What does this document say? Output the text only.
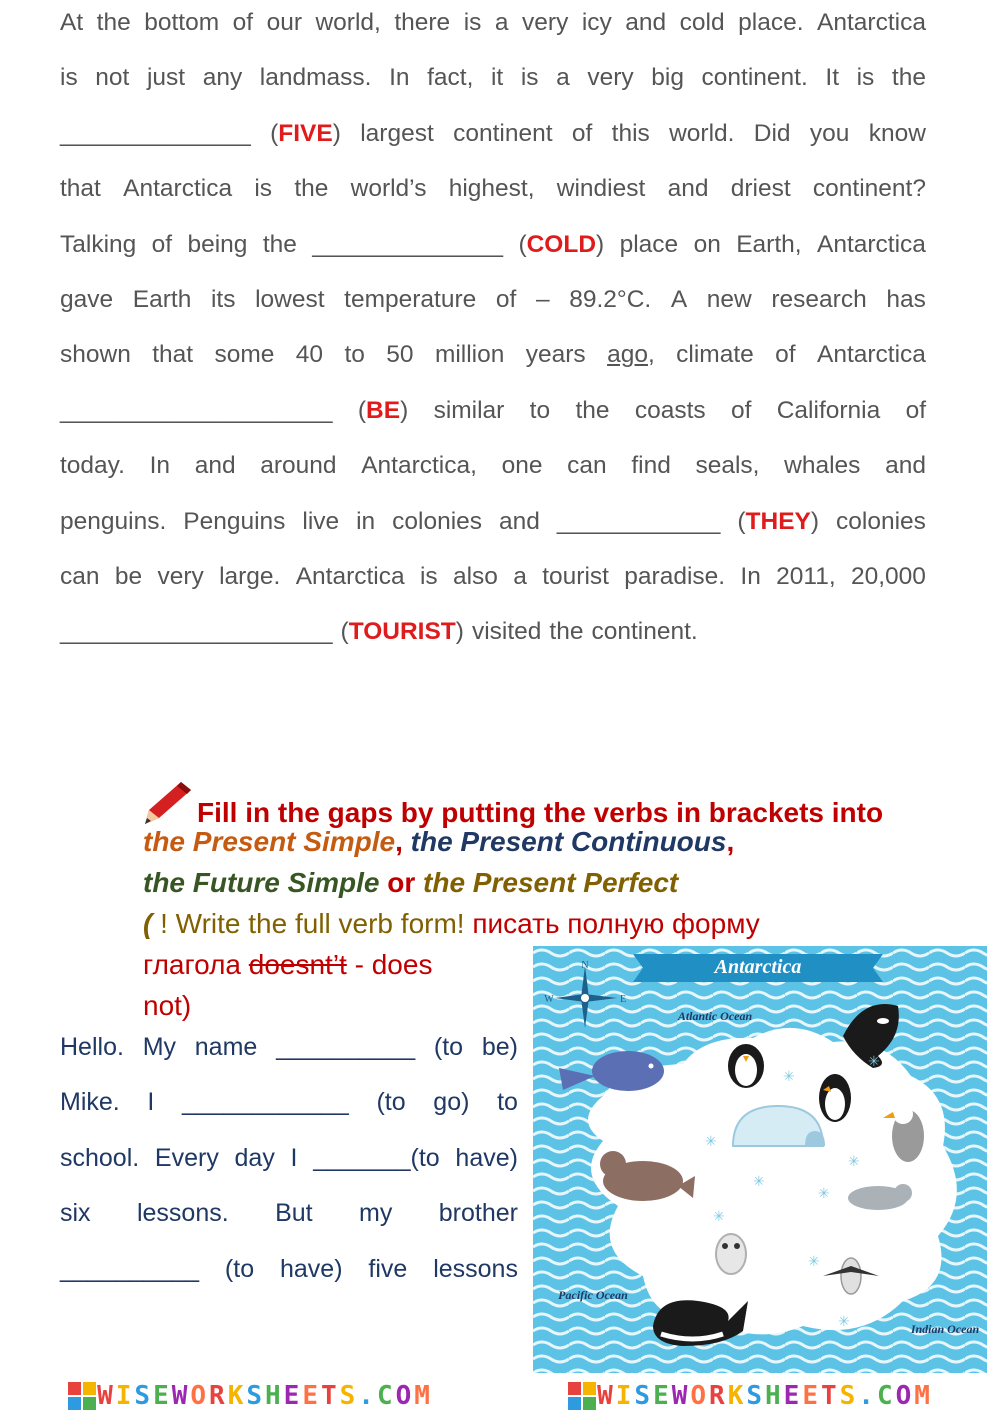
At the bottom of our world, there is a very icy and cold place. Antarctica
is not just any landmass. In fact, it is a very big continent. It is the
______________ (FIVE) largest continent of this world. Did you know
that Antarctica is the world’s highest, windiest and driest continent?
Talking of being the ______________ (COLD) place on Earth, Antarctica
gave Earth its lowest temperature of – 89.2°C. A new research has
shown that some 40 to 50 million years ago, climate of Antarctica
____________________ (BE) similar to the coasts of California of
today. In and around Antarctica, one can find seals, whales and
penguins. Penguins live in colonies and ____________ (THEY) colonies
can be very large. Antarctica is also a tourist paradise. In 2011, 20,000
____________________ (TOURIST) visited the continent.
Fill in the gaps by putting the verbs in brackets into
the Present Simple, the Present Continuous,
the Future Simple or the Present Perfect
( ! Write the full verb form! писать полную форму
глагола doesnt’t - does
not)
Hello. My name __________ (to be)
Mike. I ____________ (to go) to
school. Every day I _______(to have)
six lessons. But my brother
__________ (to have) five lessons
Antarctica
N
W	E
Atlantic Ocean
Pacific Ocean
Indian Ocean
✳
✳
✳
✳
✳
✳
✳
✳
✳
WISEWORKSHEETS.COM	WISEWORKSHEETS.COM
